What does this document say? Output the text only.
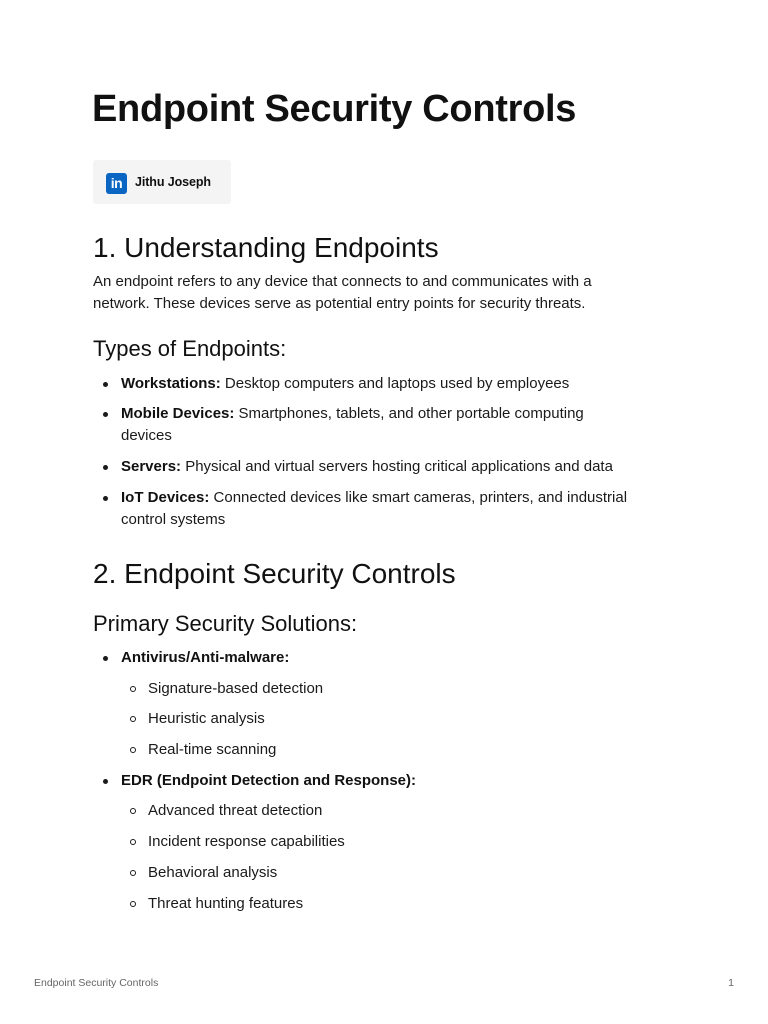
Endpoint Security Controls
in	Jithu Joseph
1. Understanding Endpoints

An endpoint refers to any device that connects to and communicates with a

network. These devices serve as potential entry points for security threats.

Types of Endpoints:
Workstations: Desktop computers and laptops used by employees
Mobile Devices: Smartphones, tablets, and other portable computing
devices
Servers: Physical and virtual servers hosting critical applications and data
IoT Devices: Connected devices like smart cameras, printers, and industrial
control systems
2. Endpoint Security Controls
Primary Security Solutions:
Antivirus/Anti-malware:
Signature-based detection
Heuristic analysis
Real-time scanning
EDR (Endpoint Detection and Response):
Advanced threat detection
Incident response capabilities
Behavioral analysis
Threat hunting features
Endpoint Security Controls	1
